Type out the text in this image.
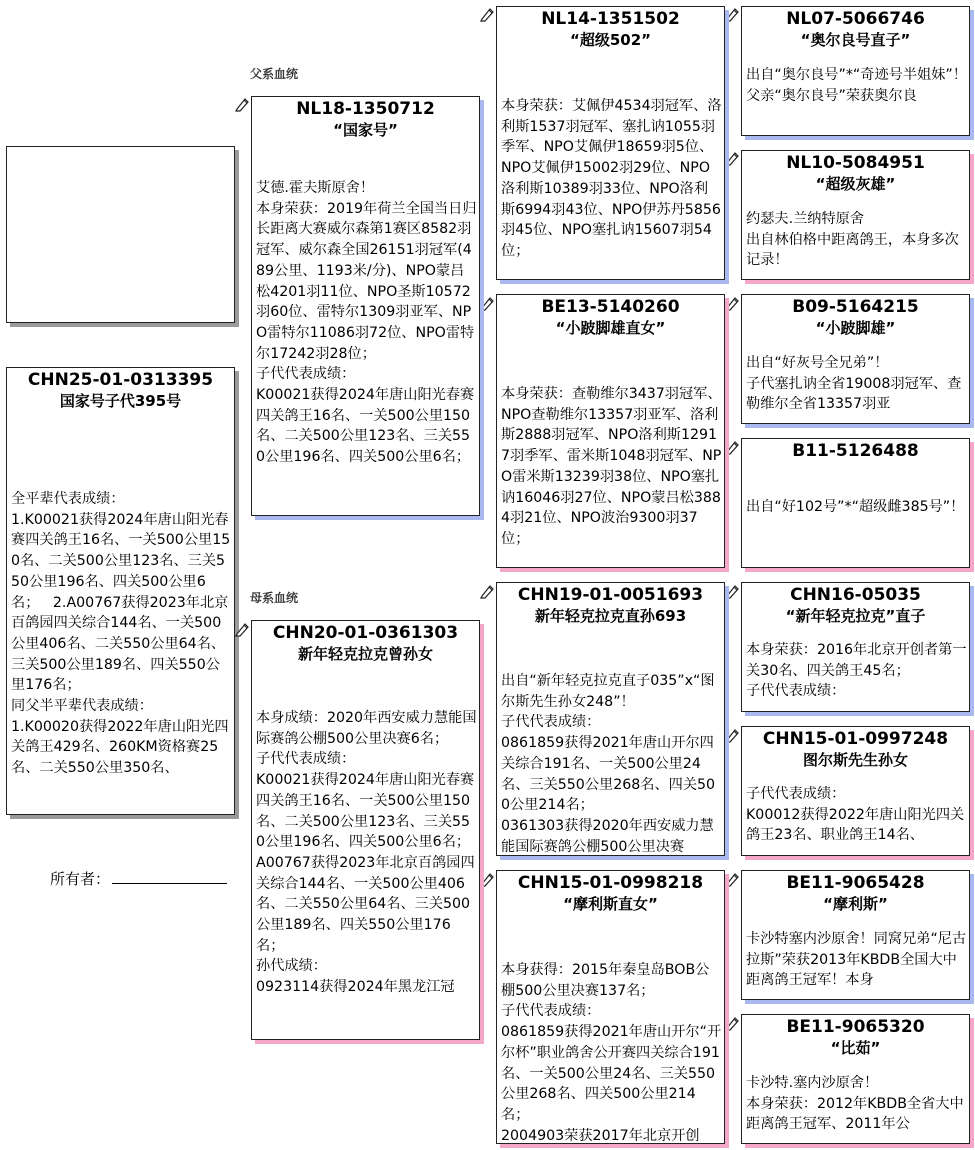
CHN25-01-0313395
国家号子代395号
全平辈代表成绩：
1.K00021获得2024年唐山阳光春赛四关鸽王16名、一关500公里150名、二关500公里123名、三关550公里196名、四关500公里6名；   2.A00767获得2023年北京百鸽园四关综合144名、一关500公里406名、二关550公里64名、三关500公里189名、四关550公里176名；
同父半平辈代表成绩：
1.K00020获得2022年唐山阳光四关鸽王429名、260KM资格赛25名、二关550公里350名、
所有者：
父系血统
母系血统
NL18-1350712
“国家号”
艾德.霍夫斯原舍！
本身荣获：2019年荷兰全国当日归长距离大赛威尔森第1赛区8582羽冠军、威尔森全国26151羽冠军(489公里、1193米/分)、NPO蒙吕松4201羽11位、NPO圣斯10572羽60位、雷特尔1309羽亚军、NPO雷特尔11086羽72位、NPO雷特尔17242羽28位；
子代代表成绩：
K00021获得2024年唐山阳光春赛四关鸽王16名、一关500公里150名、二关500公里123名、三关550公里196名、四关500公里6名；
CHN20-01-0361303
新年轻克拉克曾孙女
本身成绩：2020年西安威力慧能国际赛鸽公棚500公里决赛6名；
子代代表成绩：
K00021获得2024年唐山阳光春赛四关鸽王16名、一关500公里150名、二关500公里123名、三关550公里196名、四关500公里6名；
A00767获得2023年北京百鸽园四关综合144名、一关500公里406名、二关550公里64名、三关500公里189名、四关550公里176名；
孙代成绩：
0923114获得2024年黑龙江冠
NL14-1351502
“超级502”
本身荣获：艾佩伊4534羽冠军、洛利斯1537羽冠军、塞扎讷1055羽季军、NPO艾佩伊18659羽5位、NPO艾佩伊15002羽29位、NPO洛利斯10389羽33位、NPO洛利斯6994羽43位、NPO伊苏丹5856羽45位、NPO塞扎讷15607羽54位；
BE13-5140260
“小跛脚雄直女”
本身荣获：查勒维尔3437羽冠军、NPO查勒维尔13357羽亚军、洛利斯2888羽冠军、NPO洛利斯12917羽季军、雷米斯1048羽冠军、NPO雷米斯13239羽38位、NPO塞扎讷16046羽27位、NPO蒙吕松3884羽21位、NPO波治9300羽37位；
CHN19-01-0051693
新年轻克拉克直孙693
出自“新年轻克拉克直子035”x“图尔斯先生孙女248”！
子代代表成绩：
0861859获得2021年唐山开尔四关综合191名、一关500公里24名、三关550公里268名、四关500公里214名；
0361303获得2020年西安威力慧能国际赛鸽公棚500公里决赛
CHN15-01-0998218
“摩利斯直女”
本身获得：2015年秦皇岛BOB公棚500公里决赛137名；
子代代表成绩：
0861859获得2021年唐山开尔“开尔杯”职业鸽舍公开赛四关综合191名、一关500公里24名、三关550公里268名、四关500公里214名；
2004903荣获2017年北京开创
NL07-5066746
“奥尔良号直子”
出自“奥尔良号”*“奇迹号半姐妹”！
父亲“奥尔良号”荣获奥尔良
NL10-5084951
“超级灰雄”
约瑟夫.兰纳特原舍
出自林伯格中距离鸽王，本身多次记录！
B09-5164215
“小跛脚雄”
出自“好灰号全兄弟”！
子代塞扎讷全省19008羽冠军、查勒维尔全省13357羽亚
B11-5126488
出自“好102号”*“超级雌385号”！
CHN16-05035
“新年轻克拉克”直子
本身荣获：2016年北京开创者第一关30名、四关鸽王45名；
子代代表成绩：
CHN15-01-0997248
图尔斯先生孙女
子代代表成绩：
K00012获得2022年唐山阳光四关鸽王23名、职业鸽王14名、
BE11-9065428
“摩利斯”
卡沙特塞内沙原舍！同窝兄弟“尼古拉斯”荣获2013年KBDB全国大中距离鸽王冠军！本身
BE11-9065320
“比茹”
卡沙特.塞内沙原舍！
本身荣获：2012年KBDB全省大中距离鸽王冠军、2011年公
